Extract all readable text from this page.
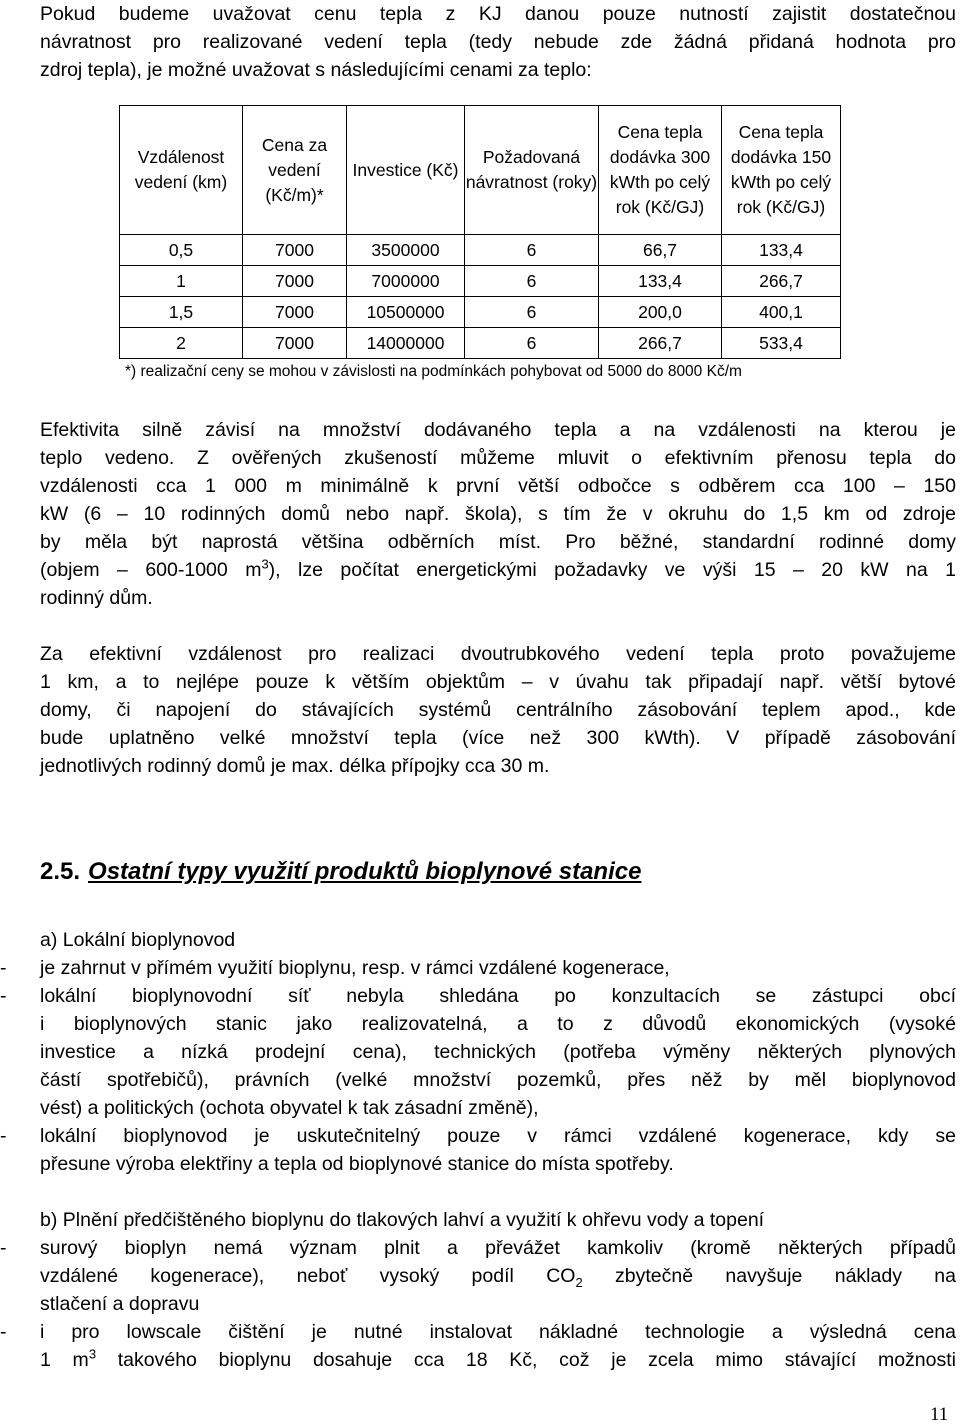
Pokud budeme uvažovat cenu tepla z KJ danou pouze nutností zajistit dostatečnou
návratnost pro realizované vedení tepla (tedy nebude zde žádná přidaná hodnota pro
zdroj tepla), je možné uvažovat s následujícími cenami za teplo:
Vzdálenost vedení (km)	Cena za vedení (Kč/m)*	Investice (Kč)	Požadovaná návratnost (roky)	Cena tepla dodávka 300 kWth po celý rok (Kč/GJ)	Cena tepla dodávka 150 kWth po celý rok (Kč/GJ)
0,5	7000	3500000	6	66,7	133,4
1	7000	7000000	6	133,4	266,7
1,5	7000	10500000	6	200,0	400,1
2	7000	14000000	6	266,7	533,4
*) realizační ceny se mohou v závislosti na podmínkách pohybovat od 5000 do 8000 Kč/m
Efektivita silně závisí na množství dodávaného tepla a na vzdálenosti na kterou je
teplo vedeno. Z ověřených zkušeností můžeme mluvit o efektivním přenosu tepla do
vzdálenosti cca 1 000 m minimálně k první větší odbočce s odběrem cca 100 – 150
kW (6 – 10 rodinných domů nebo např. škola), s tím že v okruhu do 1,5 km od zdroje
by měla být naprostá většina odběrních míst. Pro běžné, standardní rodinné domy
(objem – 600-1000 $m^3$), lze počítat energetickými požadavky ve výši 15 – 20 kW na 1
rodinný dům.
Za efektivní vzdálenost pro realizaci dvoutrubkového vedení tepla proto považujeme
1 km, a to nejlépe pouze k větším objektům – v úvahu tak připadají např. větší bytové
domy, či napojení do stávajících systémů centrálního zásobování teplem apod., kde
bude uplatněno velké množství tepla (více než 300 kWth). V případě zásobování
jednotlivých rodinný domů je max. délka přípojky cca 30 m.
2.5. Ostatní typy využití produktů bioplynové stanice
a) Lokální bioplynovod
- je zahrnut v přímém využití bioplynu, resp. v rámci vzdálené kogenerace,
- lokální bioplynovodní síť nebyla shledána po konzultacích se zástupci obcí
i bioplynových stanic jako realizovatelná, a to z důvodů ekonomických (vysoké
investice a nízká prodejní cena), technických (potřeba výměny některých plynových
částí spotřebičů), právních (velké množství pozemků, přes něž by měl bioplynovod
vést) a politických (ochota obyvatel k tak zásadní změně),
- lokální bioplynovod je uskutečnitelný pouze v rámci vzdálené kogenerace, kdy se
přesune výroba elektřiny a tepla od bioplynové stanice do místa spotřeby.
b) Plnění předčištěného bioplynu do tlakových lahví a využití k ohřevu vody a topení
- surový bioplyn nemá význam plnit a převážet kamkoliv (kromě některých případů
vzdálené kogenerace), neboť vysoký podíl $CO_2$ zbytečně navyšuje náklady na
stlačení a dopravu
- i pro lowscale čištění je nutné instalovat nákladné technologie a výsledná cena
1 $m^3$ takového bioplynu dosahuje cca 18 Kč, což je zcela mimo stávající možnosti
11
